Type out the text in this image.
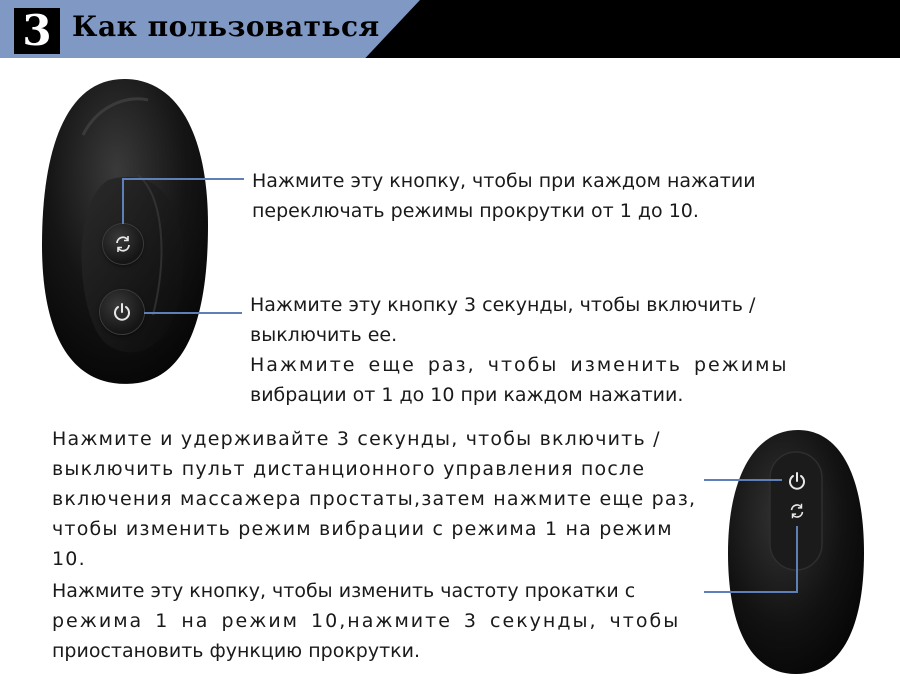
3 Как пользоваться
Нажмите эту кнопку, чтобы при каждом нажатии
переключать режимы прокрутки от 1 до 10.
Нажмите эту кнопку 3 секунды, чтобы включить /
выключить ее.
Нажмите еще раз, чтобы изменить режимы
вибрации от 1 до 10 при каждом нажатии.
Нажмите и удерживайте 3 секунды, чтобы включить /
выключить пульт дистанционного управления после
включения массажера простаты,затем нажмите еще раз,
чтобы изменить режим вибрации с режима 1 на режим
10.
Нажмите эту кнопку, чтобы изменить частоту прокатки с
режима 1 на режим 10,нажмите 3 секунды, чтобы
приостановить функцию прокрутки.
